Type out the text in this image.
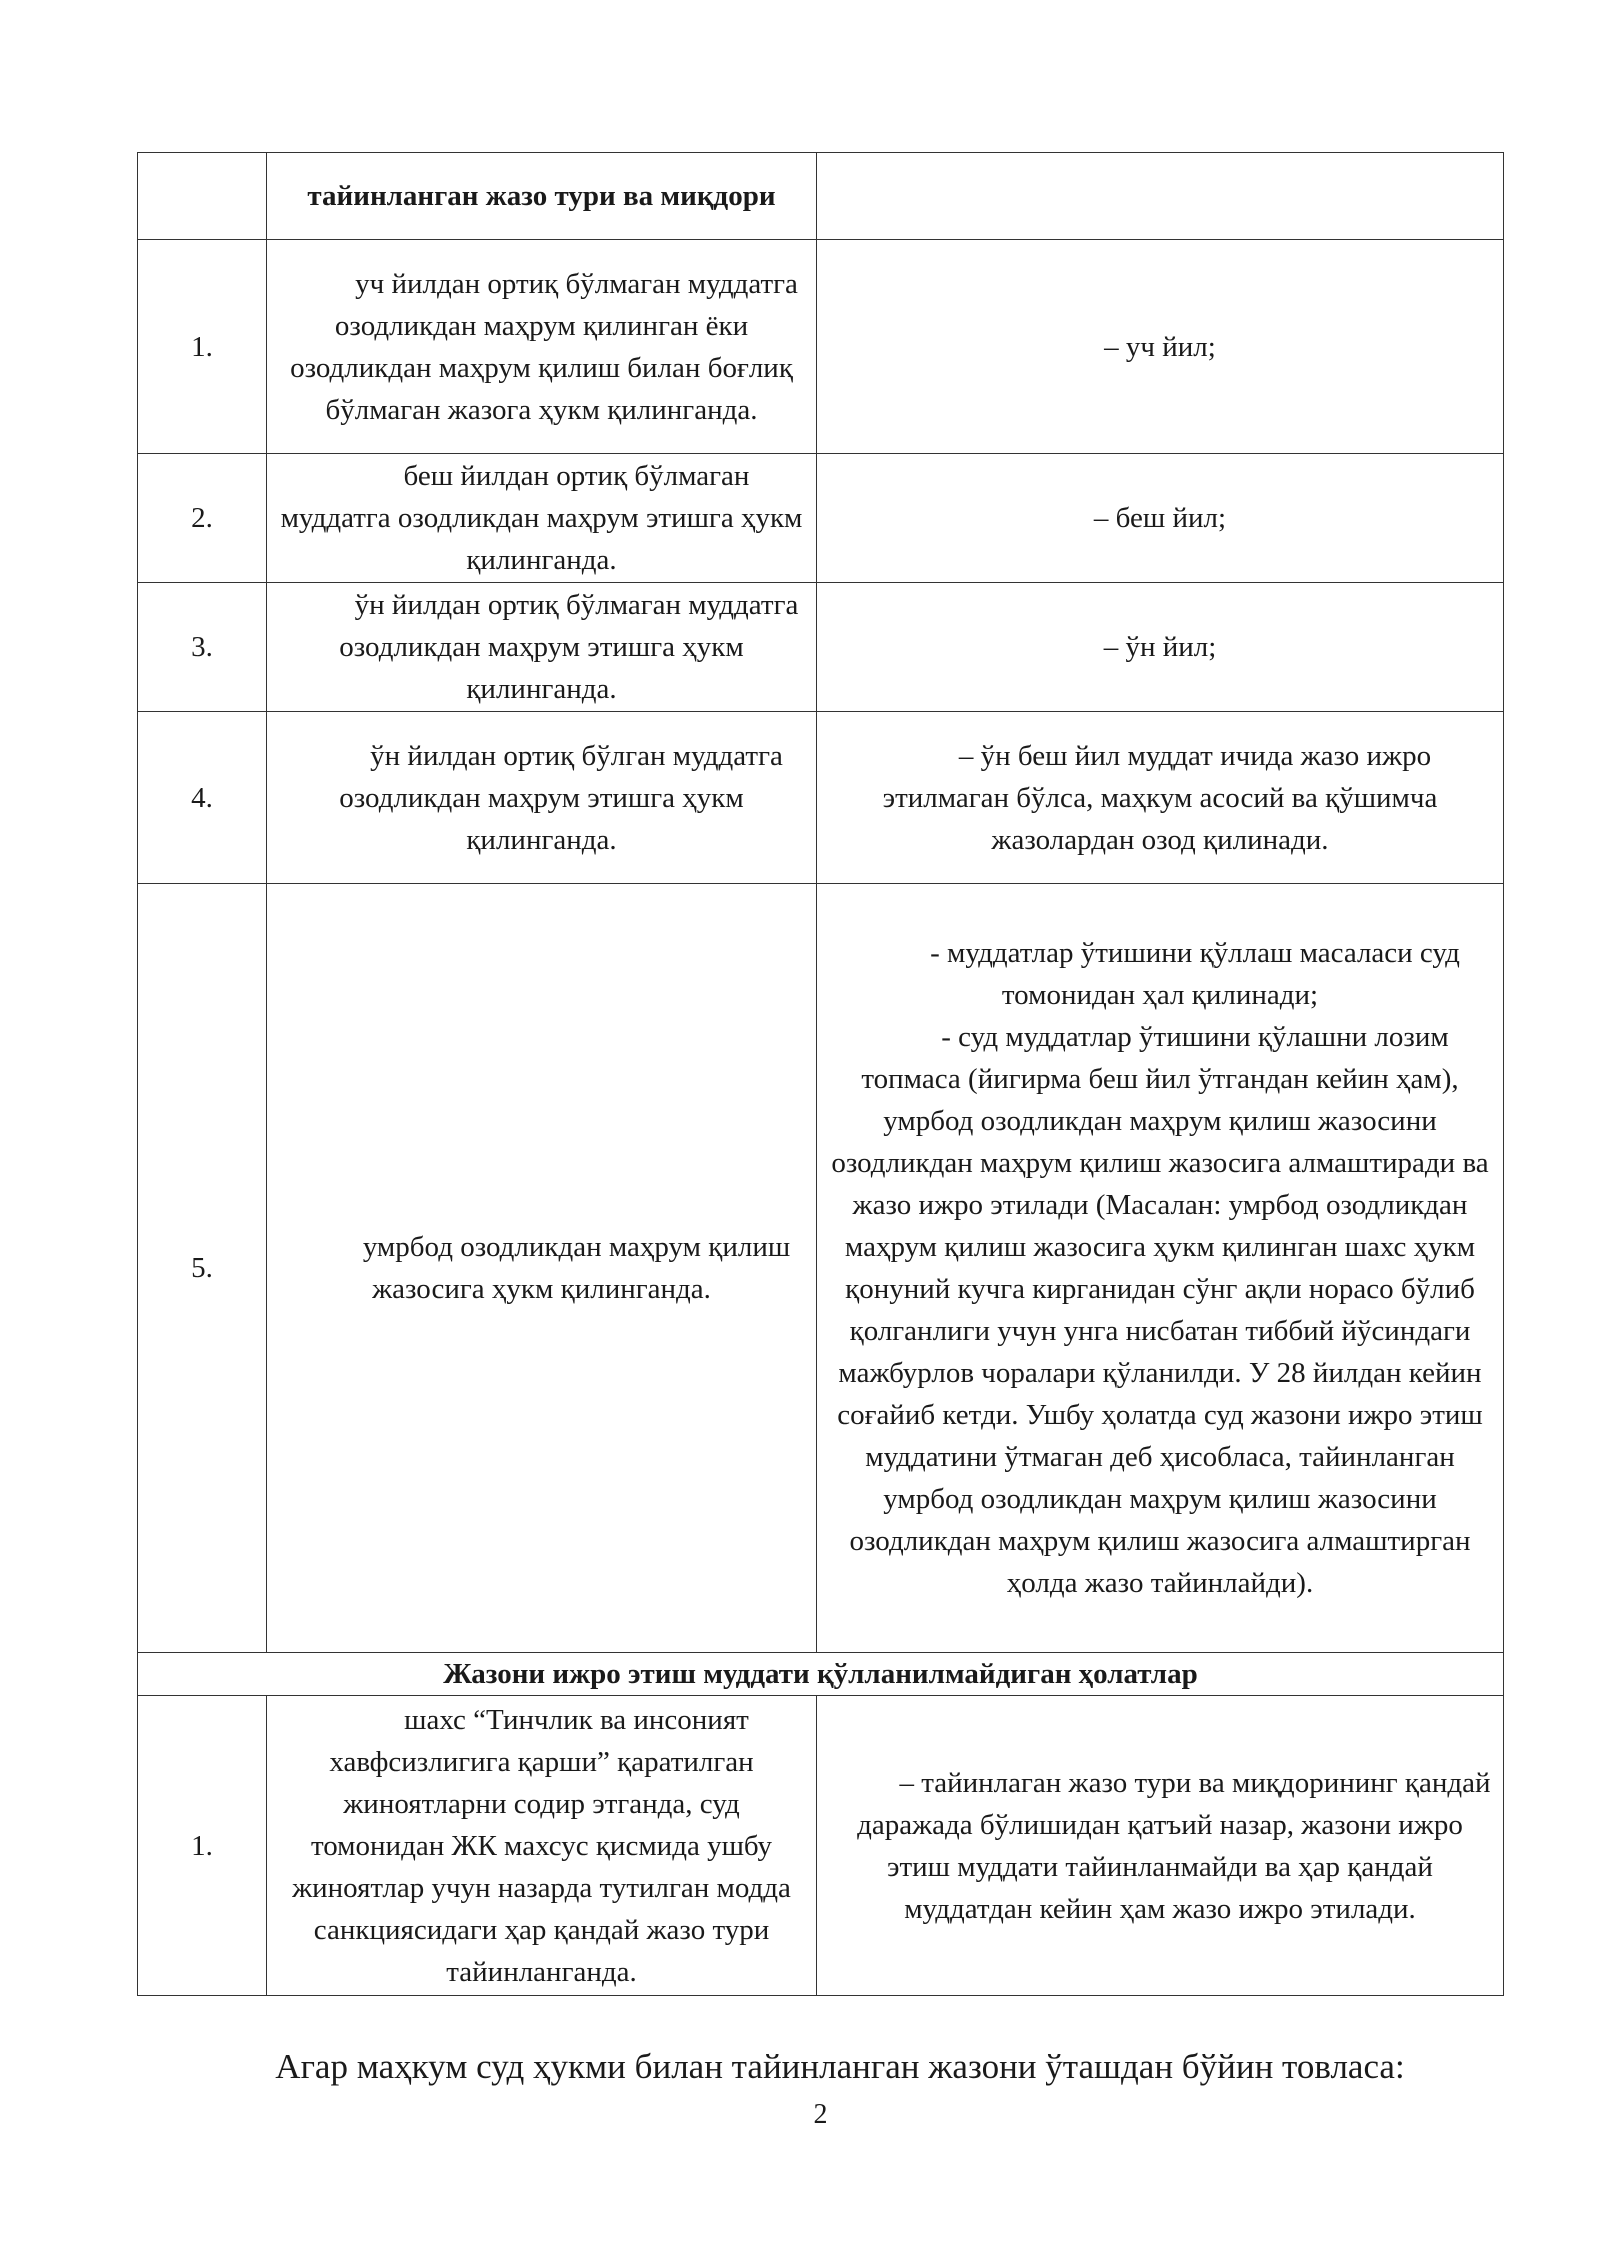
	тайинланган жазо тури ва миқдори	
1.	уч йилдан ортиқ бўлмаган муддатга озодликдан маҳрум қилинган ёки озодликдан маҳрум қилиш билан боғлиқ бўлмаган жазога ҳукм қилинганда.	– уч йил;
2.	беш йилдан ортиқ бўлмаган муддатга озодликдан маҳрум этишга ҳукм қилинганда.	– беш йил;
3.	ўн йилдан ортиқ бўлмаган муддатга озодликдан маҳрум этишга ҳукм қилинганда.	– ўн йил;
4.	ўн йилдан ортиқ бўлган муддатга озодликдан маҳрум этишга ҳукм қилинганда.	– ўн беш йил муддат ичида жазо ижро этилмаган бўлса, маҳкум асосий ва қўшимча жазолардан озод қилинади.
5.	умрбод озодликдан маҳрум қилиш жазосига ҳукм қилинганда.	- муддатлар ўтишини қўллаш масаласи суд томонидан ҳал қилинади;

- суд муддатлар ўтишини қўлашни лозим топмаса (йигирма беш йил ўтгандан кейин ҳам), умрбод озодликдан маҳрум қилиш жазосини озодликдан маҳрум қилиш жазосига алмаштиради ва жазо ижро этилади (Масалан: умрбод озодликдан маҳрум қилиш жазосига ҳукм қилинган шахс ҳукм қонуний кучга кирганидан сўнг ақли норасо бўлиб қолганлиги учун унга нисбатан тиббий йўсиндаги мажбурлов чоралари қўланилди. У 28 йилдан кейин соғайиб кетди. Ушбу ҳолатда суд жазони ижро этиш муддатини ўтмаган деб ҳисобласа, тайинланган умрбод озодликдан маҳрум қилиш жазосини озодликдан маҳрум қилиш жазосига алмаштирган ҳолда жазо тайинлайди).

Жазони ижро этиш муддати қўлланилмайдиган ҳолатлар		
1.	шахс “Тинчлик ва инсоният хавфсизлигига қарши” қаратилган жиноятларни содир этганда, суд томонидан ЖК махсус қисмида ушбу жиноятлар учун назарда тутилган модда санкциясидаги ҳар қандай жазо тури тайинланганда.	– тайинлаган жазо тури ва миқдорининг қандай даражада бўлишидан қатъий назар, жазони ижро этиш муддати тайинланмайди ва ҳар қандай муддатдан кейин ҳам жазо ижро этилади.
Агар маҳкум суд ҳукми билан тайинланган жазони ўташдан бўйин товласа:
2
